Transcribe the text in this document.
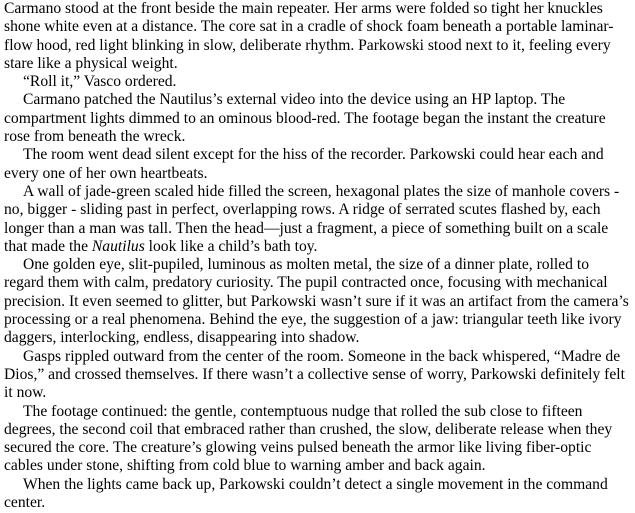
Carmano stood at the front beside the main repeater. Her arms were folded so tight her knuckles shone white even at a distance. The core sat in a cradle of shock foam beneath a portable laminar-flow hood, red light blinking in slow, deliberate rhythm. Parkowski stood next to it, feeling every stare like a physical weight.

“Roll it,” Vasco ordered.

Carmano patched the Nautilus’s external video into the device using an HP laptop. The compartment lights dimmed to an ominous blood-red. The footage began the instant the creature rose from beneath the wreck.

The room went dead silent except for the hiss of the recorder. Parkowski could hear each and every one of her own heartbeats.

A wall of jade-green scaled hide filled the screen, hexagonal plates the size of manhole covers - no, bigger - sliding past in perfect, overlapping rows. A ridge of serrated scutes flashed by, each longer than a man was tall. Then the head—just a fragment, a piece of something built on a scale that made the Nautilus look like a child’s bath toy.

One golden eye, slit-pupiled, luminous as molten metal, the size of a dinner plate, rolled to regard them with calm, predatory curiosity. The pupil contracted once, focusing with mechanical precision. It even seemed to glitter, but Parkowski wasn’t sure if it was an artifact from the camera’s processing or a real phenomena. Behind the eye, the suggestion of a jaw: triangular teeth like ivory daggers, interlocking, endless, disappearing into shadow.

Gasps rippled outward from the center of the room. Someone in the back whispered, “Madre de Dios,” and crossed themselves. If there wasn’t a collective sense of worry, Parkowski definitely felt it now.

The footage continued: the gentle, contemptuous nudge that rolled the sub close to fifteen degrees, the second coil that embraced rather than crushed, the slow, deliberate release when they secured the core. The creature’s glowing veins pulsed beneath the armor like living fiber-optic cables under stone, shifting from cold blue to warning amber and back again.

When the lights came back up, Parkowski couldn’t detect a single movement in the command center.
